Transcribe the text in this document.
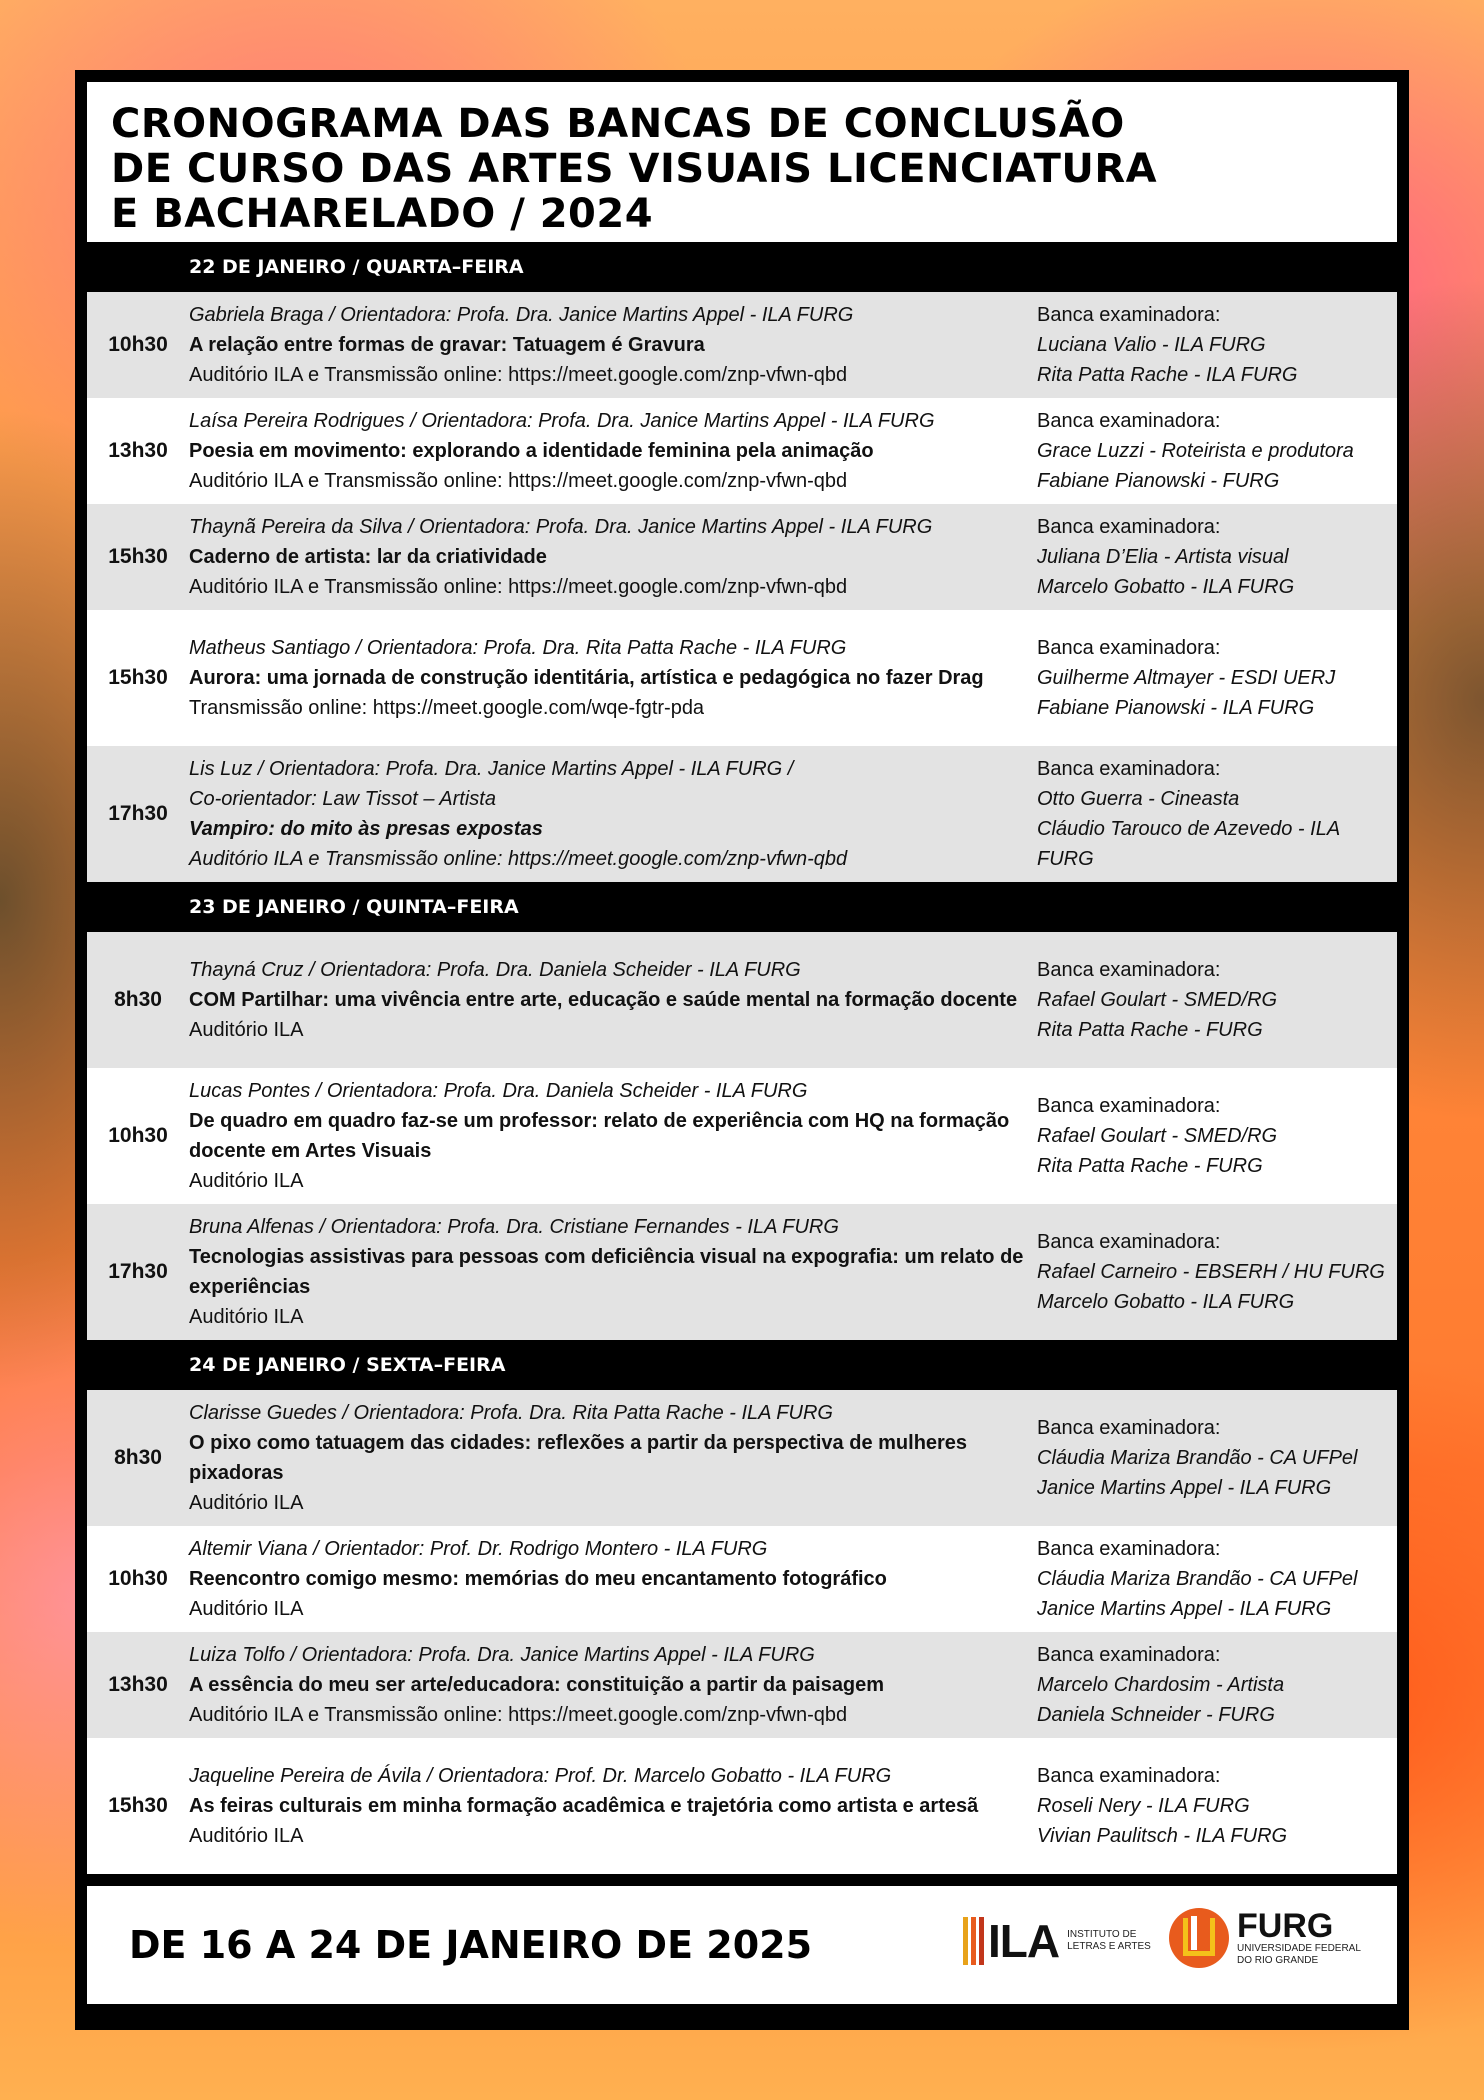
CRONOGRAMA DAS BANCAS DE CONCLUSÃO
DE CURSO DAS ARTES VISUAIS LICENCIATURA
E BACHARELADO / 2024
22 DE JANEIRO / QUARTA–FEIRA
10h30
Gabriela Braga / Orientadora: Profa. Dra. Janice Martins Appel - ILA FURG
A relação entre formas de gravar: Tatuagem é Gravura
Auditório ILA e Transmissão online: https://meet.google.com/znp-vfwn-qbd
Banca examinadora:
Luciana Valio - ILA FURG
Rita Patta Rache - ILA FURG
13h30
Laísa Pereira Rodrigues / Orientadora: Profa. Dra. Janice Martins Appel - ILA FURG
Poesia em movimento: explorando a identidade feminina pela animação
Auditório ILA e Transmissão online: https://meet.google.com/znp-vfwn-qbd
Banca examinadora:
Grace Luzzi - Roteirista e produtora
Fabiane Pianowski - FURG
15h30
Thaynã Pereira da Silva / Orientadora: Profa. Dra. Janice Martins Appel - ILA FURG
Caderno de artista: lar da criatividade
Auditório ILA e Transmissão online: https://meet.google.com/znp-vfwn-qbd
Banca examinadora:
Juliana D’Elia - Artista visual
Marcelo Gobatto - ILA FURG
15h30
Matheus Santiago / Orientadora: Profa. Dra. Rita Patta Rache - ILA FURG
Aurora: uma jornada de construção identitária, artística e pedagógica no fazer Drag
Transmissão online: https://meet.google.com/wqe-fgtr-pda
Banca examinadora:
Guilherme Altmayer - ESDI UERJ
Fabiane Pianowski - ILA FURG
17h30
Lis Luz / Orientadora: Profa. Dra. Janice Martins Appel - ILA FURG /
Co-orientador: Law Tissot – Artista
Vampiro: do mito às presas expostas
Auditório ILA e Transmissão online: https://meet.google.com/znp-vfwn-qbd
Banca examinadora:
Otto Guerra - Cineasta
Cláudio Tarouco de Azevedo - ILA FURG
23 DE JANEIRO / QUINTA–FEIRA
8h30
Thayná Cruz / Orientadora: Profa. Dra. Daniela Scheider - ILA FURG
COM Partilhar: uma vivência entre arte, educação e saúde mental na formação docente
Auditório ILA
Banca examinadora:
Rafael Goulart - SMED/RG
Rita Patta Rache - FURG
10h30
Lucas Pontes / Orientadora: Profa. Dra. Daniela Scheider - ILA FURG
De quadro em quadro faz-se um professor: relato de experiência com HQ na formação docente em Artes Visuais
Auditório ILA
Banca examinadora:
Rafael Goulart - SMED/RG
Rita Patta Rache - FURG
17h30
Bruna Alfenas / Orientadora: Profa. Dra. Cristiane Fernandes - ILA FURG
Tecnologias assistivas para pessoas com deficiência visual na expografia: um relato de experiências
Auditório ILA
Banca examinadora:
Rafael Carneiro - EBSERH / HU FURG
Marcelo Gobatto - ILA FURG
24 DE JANEIRO / SEXTA–FEIRA
8h30
Clarisse Guedes / Orientadora: Profa. Dra. Rita Patta Rache - ILA FURG
O pixo como tatuagem das cidades: reflexões a partir da perspectiva de mulheres pixadoras
Auditório ILA
Banca examinadora:
Cláudia Mariza Brandão - CA UFPel
Janice Martins Appel - ILA FURG
10h30
Altemir Viana / Orientador: Prof. Dr. Rodrigo Montero - ILA FURG
Reencontro comigo mesmo: memórias do meu encantamento fotográfico
Auditório ILA
Banca examinadora:
Cláudia Mariza Brandão - CA UFPel
Janice Martins Appel - ILA FURG
13h30
Luiza Tolfo / Orientadora: Profa. Dra. Janice Martins Appel - ILA FURG
A essência do meu ser arte/educadora: constituição a partir da paisagem
Auditório ILA e Transmissão online: https://meet.google.com/znp-vfwn-qbd
Banca examinadora:
Marcelo Chardosim - Artista
Daniela Schneider - FURG
15h30
Jaqueline Pereira de Ávila / Orientadora: Prof. Dr. Marcelo Gobatto - ILA FURG
As feiras culturais em minha formação acadêmica e trajetória como artista e artesã
Auditório ILA
Banca examinadora:
Roseli Nery - ILA FURG
Vivian Paulitsch - ILA FURG
DE 16 A 24 DE JANEIRO DE 2025	ILA INSTITUTO DE
LETRAS E ARTES
FURG
UNIVERSIDADE FEDERAL
DO RIO GRANDE
